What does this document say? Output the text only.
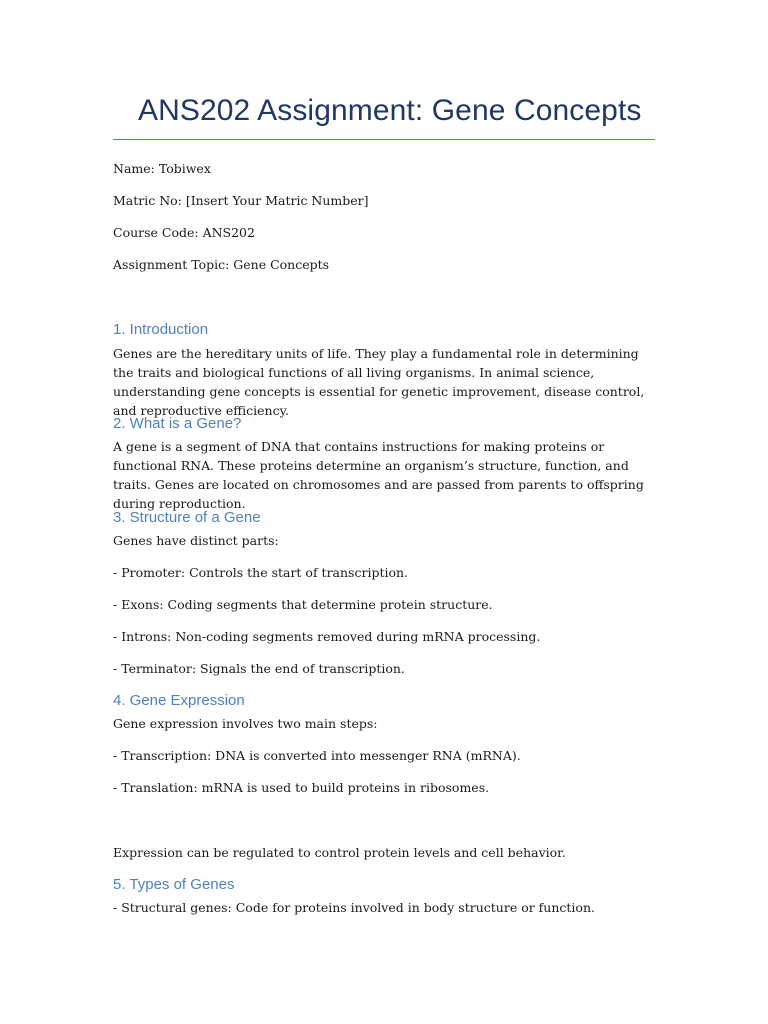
ANS202 Assignment: Gene Concepts
Name: Tobiwex
Matric No: [Insert Your Matric Number]
Course Code: ANS202
Assignment Topic: Gene Concepts
1. Introduction
Genes are the hereditary units of life. They play a fundamental role in determining the traits and biological functions of all living organisms. In animal science, understanding gene concepts is essential for genetic improvement, disease control, and reproductive efficiency.
2. What is a Gene?
A gene is a segment of DNA that contains instructions for making proteins or functional RNA. These proteins determine an organism’s structure, function, and traits. Genes are located on chromosomes and are passed from parents to offspring during reproduction.
3. Structure of a Gene
Genes have distinct parts:
- Promoter: Controls the start of transcription.
- Exons: Coding segments that determine protein structure.
- Introns: Non-coding segments removed during mRNA processing.
- Terminator: Signals the end of transcription.
4. Gene Expression
Gene expression involves two main steps:
- Transcription: DNA is converted into messenger RNA (mRNA).
- Translation: mRNA is used to build proteins in ribosomes.
Expression can be regulated to control protein levels and cell behavior.
5. Types of Genes
- Structural genes: Code for proteins involved in body structure or function.
